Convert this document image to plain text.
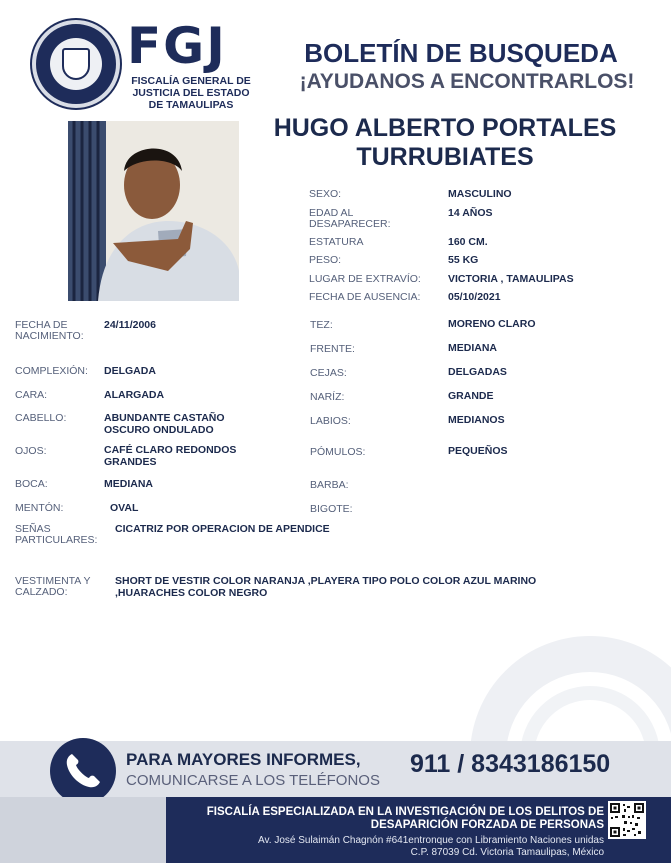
FGJ
FISCALÍA GENERAL DE JUSTICIA DEL ESTADO DE TAMAULIPAS
BOLETÍN DE BUSQUEDA
¡AYUDANOS A ENCONTRARLOS!
HUGO ALBERTO PORTALES
TURRUBIATES
SEXO:	MASCULINO
EDAD AL
DESAPARECER:
14 AÑOS
ESTATURA	160 CM.
PESO:	55 KG
LUGAR DE EXTRAVÍO:	VICTORIA , TAMAULIPAS
FECHA DE AUSENCIA:	05/10/2021
FECHA DE
NACIMIENTO:
24/11/2006
COMPLEXIÓN: DELGADA
CARA:	ALARGADA
CABELLO:	ABUNDANTE CASTAÑO
OSCURO ONDULADO
OJOS:	CAFÉ CLARO REDONDOS
GRANDES
BOCA:	MEDIANA
MENTÓN:	OVAL
TEZ:	MORENO CLARO
FRENTE:	MEDIANA
CEJAS:	DELGADAS
NARÍZ:	GRANDE
LABIOS:	MEDIANOS
PÓMULOS:	PEQUEÑOS
BARBA:
BIGOTE:
SEÑAS
PARTICULARES:
CICATRIZ POR OPERACION DE APENDICE
VESTIMENTA Y
CALZADO:
SHORT DE VESTIR COLOR NARANJA ,PLAYERA TIPO POLO COLOR AZUL MARINO
,HUARACHES COLOR NEGRO
PARA MAYORES INFORMES,
COMUNICARSE A LOS TELÉFONOS
911 / 8343186150
FISCALÍA ESPECIALIZADA EN LA INVESTIGACIÓN DE LOS DELITOS DE
DESAPARICIÓN FORZADA DE PERSONAS
Av. José Sulaimán Chagnón #641entronque con Libramiento Naciones unidas
C.P. 87039 Cd. Victoria Tamaulipas, México
